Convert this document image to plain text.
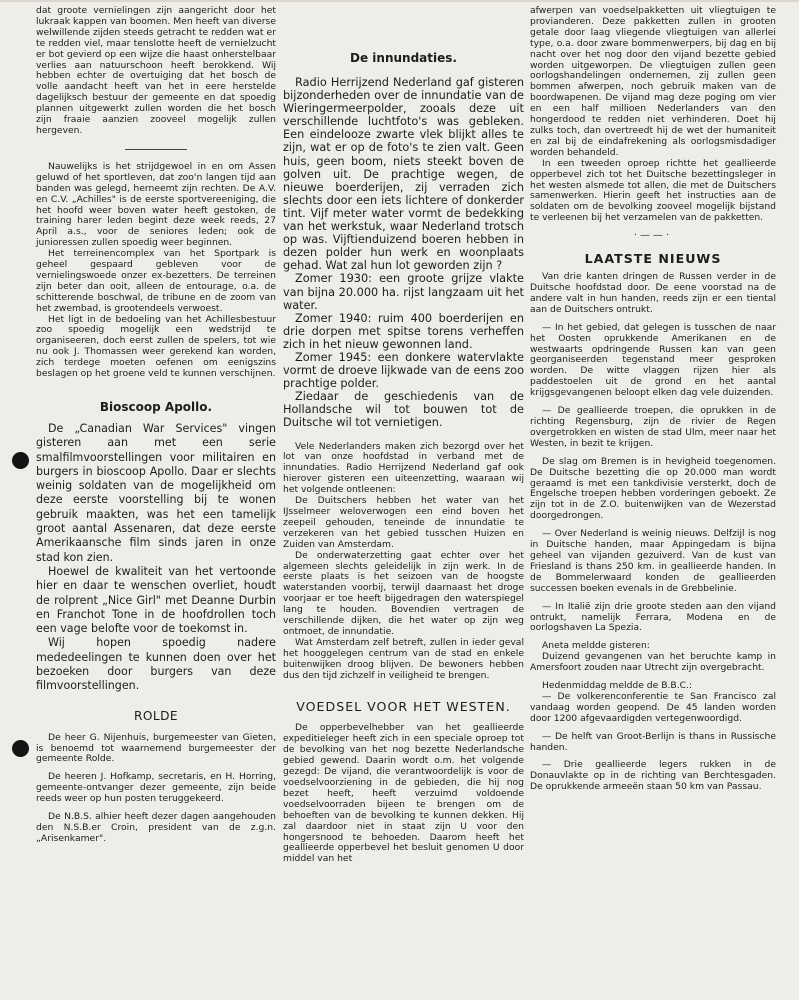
dat groote vernielingen zijn aangericht door het lukraak kappen van boomen. Men heeft van diverse welwillende zijden steeds getracht te redden wat er te redden viel, maar tenslotte heeft de vernielzucht er bot gevierd op een wijze die haast onherstelbaar verlies aan natuurschoon heeft berokkend. Wij hebben echter de overtuiging dat het bosch de volle aandacht heeft van het in eere herstelde dagelijksch bestuur der gemeente en dat spoedig plannen uitgewerkt zullen worden die het bosch zijn fraaie aanzien zooveel mogelijk zullen hergeven.

Nauwelijks is het strijdgewoel in en om Assen geluwd of het sportleven, dat zoo'n langen tijd aan banden was gelegd, herneemt zijn rechten. De A.V. en C.V. „Achilles" is de eerste sportvereeniging, die het hoofd weer boven water heeft gestoken, de training harer leden begint deze week reeds, 27 April a.s., voor de seniores leden; ook de junioressen zullen spoedig weer beginnen.

Het terreinencomplex van het Sportpark is geheel gespaard gebleven voor de vernielingswoede onzer ex-bezetters. De terreinen zijn beter dan ooit, alleen de entourage, o.a. de schitterende boschwal, de tribune en de zoom van het zwembad, is grootendeels verwoest.

Het ligt in de bedoeling van het Achillesbestuur zoo spoedig mogelijk een wedstrijd te organiseeren, doch eerst zullen de spelers, tot wie nu ook J. Thomassen weer gerekend kan worden, zich terdege moeten oefenen om eenigszins beslagen op het groene veld te kunnen verschijnen.

Bioscoop Apollo.

De „Canadian War Services" vingen gisteren aan met een serie smalfilmvoorstellingen voor militairen en burgers in bioscoop Apollo. Daar er slechts weinig soldaten van de mogelijkheid om deze eerste voorstelling bij te wonen gebruik maakten, was het een tamelijk groot aantal Assenaren, dat deze eerste Amerikaansche film sinds jaren in onze stad kon zien.

Hoewel de kwaliteit van het vertoonde hier en daar te wenschen overliet, houdt de rolprent „Nice Girl" met Deanne Durbin en Franchot Tone in de hoofdrollen toch een vage belofte voor de toekomst in.

Wij hopen spoedig nadere mededeelingen te kunnen doen over het bezoeken door burgers van deze filmvoorstellingen.

ROLDE

De heer G. Nijenhuis, burgemeester van Gieten, is benoemd tot waarnemend burgemeester der gemeente Rolde.

De heeren J. Hofkamp, secretaris, en H. Horring, gemeente-ontvanger dezer gemeente, zijn beide reeds weer op hun posten teruggekeerd.

De N.B.S. alhier heeft dezer dagen aangehouden den N.S.B.er Croin, president van de z.g.n. „Arisenkamer".

De innundaties.

Radio Herrijzend Nederland gaf gisteren bijzonderheden over de innundatie van de Wieringermeerpolder, zooals deze uit verschillende luchtfoto's was gebleken. Een eindelooze zwarte vlek blijkt alles te zijn, wat er op de foto's te zien valt. Geen huis, geen boom, niets steekt boven de golven uit. De prachtige wegen, de nieuwe boerderijen, zij verraden zich slechts door een iets lichtere of donkerder tint. Vijf meter water vormt de bedekking van het werkstuk, waar Nederland trotsch op was. Vijftienduizend boeren hebben in dezen polder hun werk en woonplaats gehad. Wat zal hun lot geworden zijn ?

Zomer 1930: een groote grijze vlakte van bijna 20.000 ha. rijst langzaam uit het water.

Zomer 1940: ruim 400 boerderijen en drie dorpen met spitse torens verheffen zich in het nieuw gewonnen land.

Zomer 1945: een donkere watervlakte vormt de droeve lijkwade van de eens zoo prachtige polder.

Ziedaar de geschiedenis van de Hollandsche wil tot bouwen tot de Duitsche wil tot vernietigen.

Vele Nederlanders maken zich bezorgd over het lot van onze hoofdstad in verband met de innundaties. Radio Herrijzend Nederland gaf ook hierover gisteren een uiteenzetting, waaraan wij het volgende ontleenen:

De Duitschers hebben het water van het IJsselmeer weloverwogen een eind boven het zeepeil gehouden, teneinde de innundatie te verzekeren van het gebied tusschen Huizen en Zuiden van Amsterdam.

De onderwaterzetting gaat echter over het algemeen slechts geleidelijk in zijn werk. In de eerste plaats is het seizoen van de hoogste waterstanden voorbij, terwijl daarnaast het droge voorjaar er toe heeft bijgedragen den waterspiegel lang te houden. Bovendien vertragen de verschillende dijken, die het water op zijn weg ontmoet, de innundatie.

Wat Amsterdam zelf betreft, zullen in ieder geval het hooggelegen centrum van de stad en enkele buitenwijken droog blijven. De bewoners hebben dus den tijd zichzelf in veiligheid te brengen.

VOEDSEL VOOR HET WESTEN.

De opperbevelhebber van het geallieerde expeditieleger heeft zich in een speciale oproep tot de bevolking van het nog bezette Nederlandsche gebied gewend. Daarin wordt o.m. het volgende gezegd: De vijand, die verantwoordelijk is voor de voedselvoorziening in de gebieden, die hij nog bezet heeft, heeft verzuimd voldoende voedselvoorraden bijeen te brengen om de behoeften van de bevolking te kunnen dekken. Hij zal daardoor niet in staat zijn U voor den hongersnood te behoeden. Daarom heeft het geallieerde opperbevel het besluit genomen U door middel van het

afwerpen van voedselpakketten uit vliegtuigen te provianderen. Deze pakketten zullen in grooten getale door laag vliegende vliegtuigen van allerlei type, o.a. door zware bommenwerpers, bij dag en bij nacht over het nog door den vijand bezette gebied worden uitgeworpen. De vliegtuigen zullen geen oorlogshandelingen ondernemen, zij zullen geen bommen afwerpen, noch gebruik maken van de boordwapenen. De vijand mag deze poging om vier en een half millioen Nederlanders van den hongerdood te redden niet verhinderen. Doet hij zulks toch, dan overtreedt hij de wet der humaniteit en zal bij de eindafrekening als oorlogsmisdadiger worden behandeld.

In een tweeden oproep richtte het geallieerde opperbevel zich tot het Duitsche bezettingsleger in het westen alsmede tot allen, die met de Duitschers samenwerken. Hierin geeft het instructies aan de soldaten om de bevolking zooveel mogelijk bijstand te verleenen bij het verzamelen van de pakketten.

·——·
LAATSTE NIEUWS

Van drie kanten dringen de Russen verder in de Duitsche hoofdstad door. De eene voorstad na de andere valt in hun handen, reeds zijn er een tiental aan de Duitschers ontrukt.

— In het gebied, dat gelegen is tusschen de naar het Oosten oprukkende Amerikanen en de westwaarts opdringende Russen kan van geen georganiseerden tegenstand meer gesproken worden. De witte vlaggen rijzen hier als paddestoelen uit de grond en het aantal krijgsgevangenen beloopt elken dag vele duizenden.

— De geallieerde troepen, die oprukken in de richting Regensburg, zijn de rivier de Regen overgetrokken en wisten de stad Ulm, meer naar het Westen, in bezit te krijgen.

De slag om Bremen is in hevigheid toegenomen. De Duitsche bezetting die op 20.000 man wordt geraamd is met een tankdivisie versterkt, doch de Engelsche troepen hebben vorderingen geboekt. Ze zijn tot in de Z.O. buitenwijken van de Wezerstad doorgedrongen.

— Over Nederland is weinig nieuws. Delfzijl is nog in Duitsche handen, maar Appingedam is bijna geheel van vijanden gezuiverd. Van de kust van Friesland is thans 250 km. in geallieerde handen. In de Bommelerwaard konden de geallieerden successen boeken evenals in de Grebbelinie.

— In Italië zijn drie groote steden aan den vijand ontrukt, namelijk Ferrara, Modena en de oorlogshaven La Spezia.

Aneta meldde gisteren:

Duizend gevangenen van het beruchte kamp in Amersfoort zouden naar Utrecht zijn overgebracht.

Hedenmiddag meldde de B.B.C.:

— De volkerenconferentie te San Francisco zal vandaag worden geopend. De 45 landen worden door 1200 afgevaardigden vertegenwoordigd.

— De helft van Groot-Berlijn is thans in Russische handen.

— Drie geallieerde legers rukken in de Donauvlakte op in de richting van Berchtesgaden. De oprukkende armeeën staan 50 km van Passau.
